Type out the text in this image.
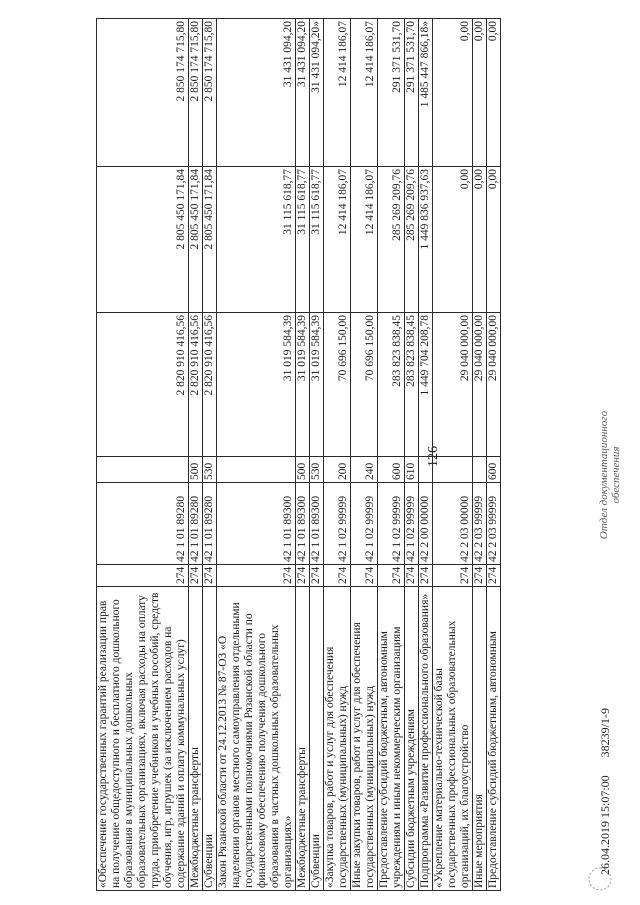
126
«Обеспечение государственных гарантий реализации прав на получение общедоступного и бесплатного дошкольного образования в муниципальных дошкольных образовательных организациях, включая расходы на оплату труда, приобретение учебников и учебных пособий, средств обучения, игр, игрушек (за исключением расходов на содержание зданий и оплату коммунальных услуг)	274	42 1 01 89280		2 820 910 416,56	2 805 450 171,84	2 850 174 715,80
Межбюджетные трансферты	274	42 1 01 89280	500	2 820 910 416,56	2 805 450 171,84	2 850 174 715,80
Субвенции	274	42 1 01 89280	530	2 820 910 416,56	2 805 450 171,84	2 850 174 715,80
Закон Рязанской области от 24.12.2013 № 87-ОЗ «О наделении органов местного самоуправления отдельными государственными полномочиями Рязанской области по финансовому обеспечению получения дошкольного образования в частных дошкольных образовательных организациях»	274	42 1 01 89300		31 019 584,39	31 115 618,77	31 431 094,20
Межбюджетные трансферты	274	42 1 01 89300	500	31 019 584,39	31 115 618,77	31 431 094,20
Субвенции	274	42 1 01 89300	530	31 019 584,39	31 115 618,77	31 431 094,20»
«Закупка товаров, работ и услуг для обеспечения государственных (муниципальных) нужд	274	42 1 02 99999	200	70 696 150,00	12 414 186,07	12 414 186,07
Иные закупки товаров, работ и услуг для обеспечения государственных (муниципальных) нужд	274	42 1 02 99999	240	70 696 150,00	12 414 186,07	12 414 186,07
Предоставление субсидий бюджетным, автономным учреждениям и иным некоммерческим организациям	274	42 1 02 99999	600	283 823 838,45	285 269 209,76	291 371 531,70
Субсидии бюджетным учреждениям	274	42 1 02 99999	610	283 823 838,45	285 269 209,76	291 371 531,70
Подпрограмма «Развитие профессионального образования»	274	42 2 00 00000		1 449 704 208,78	1 449 836 937,63	1 485 447 866,18»
«Укрепление материально-технической базы государственных профессиональных образовательных организаций, их благоустройство	274	42 2 03 00000		29 040 000,00	0,00	0,00
Иные мероприятия	274	42 2 03 99999		29 040 000,00	0,00	0,00
Предоставление субсидий бюджетным, автономным	274	42 2 03 99999	600	29 040 000,00	0,00	0,00
26.04.2019 15:07:00      38239/1-9
Отдел документационного обеспечения
